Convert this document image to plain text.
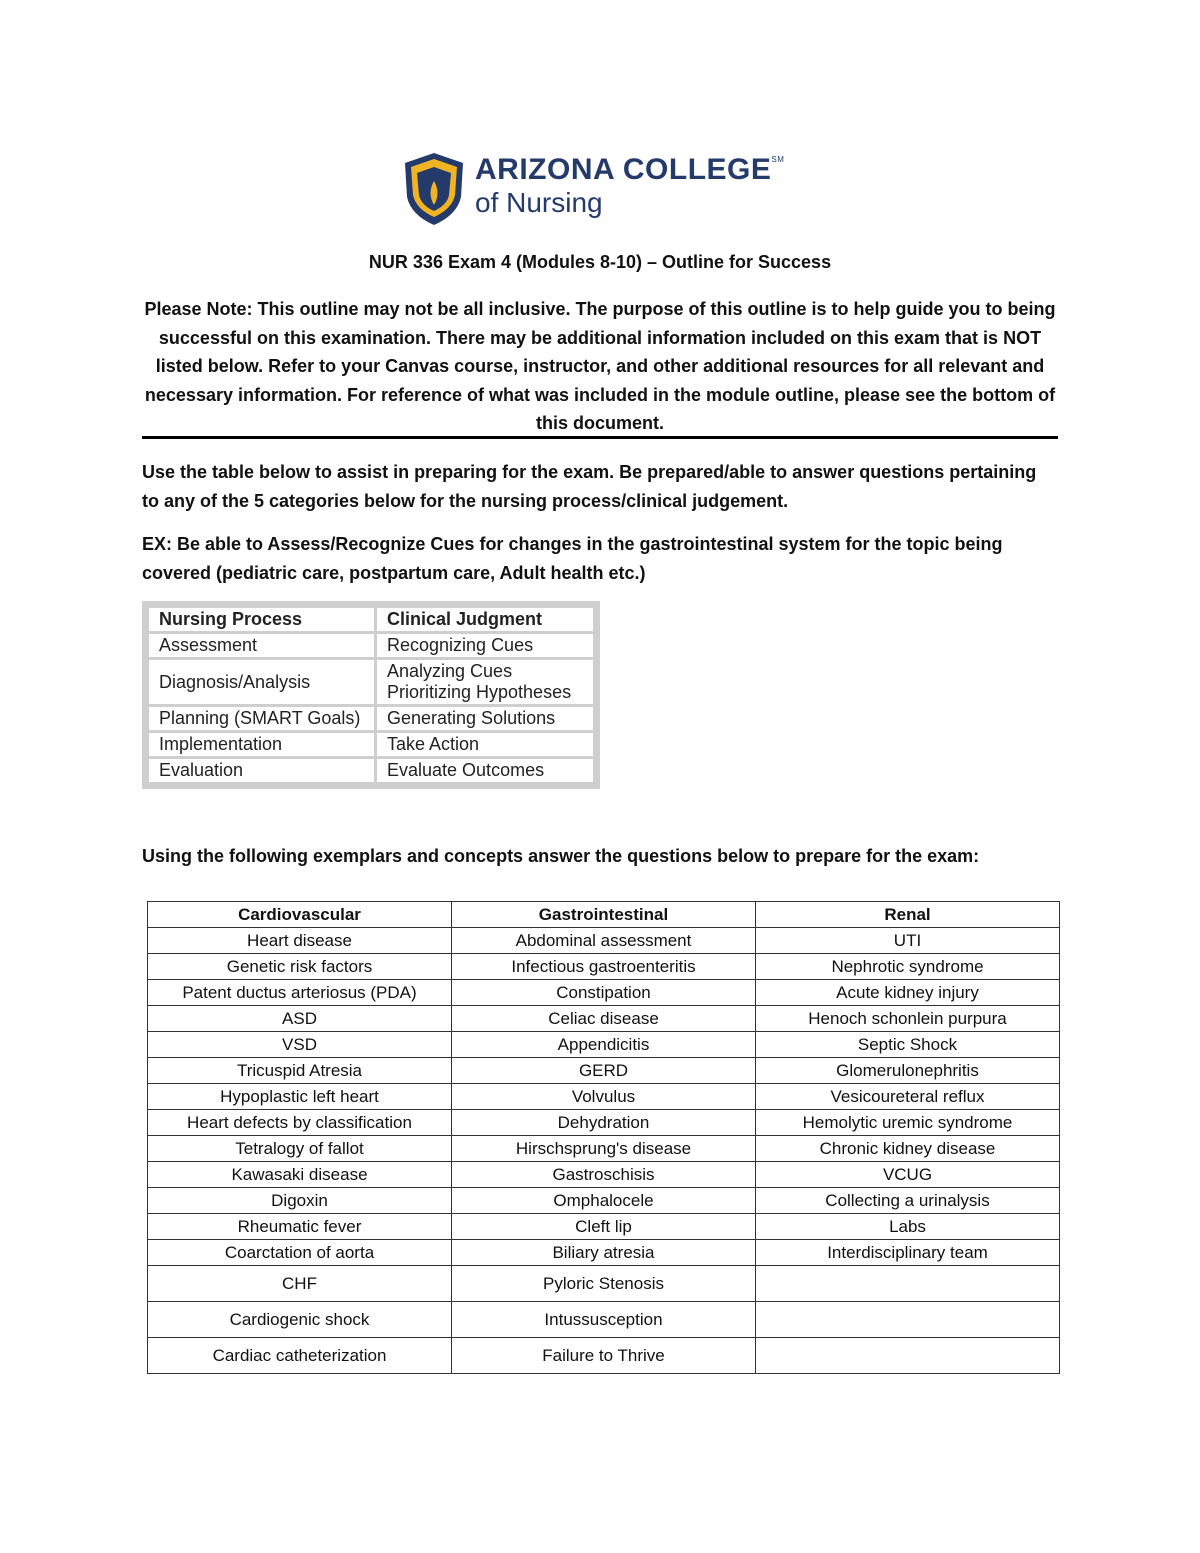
ARIZONA COLLEGE℠
of Nursing
NUR 336 Exam 4 (Modules 8-10) – Outline for Success
Please Note: This outline may not be all inclusive. The purpose of this outline is to help guide you to being successful on this examination. There may be additional information included on this exam that is NOT listed below. Refer to your Canvas course, instructor, and other additional resources for all relevant and necessary information. For reference of what was included in the module outline, please see the bottom of this document.
Use the table below to assist in preparing for the exam. Be prepared/able to answer questions pertaining to any of the 5 categories below for the nursing process/clinical judgement.
EX: Be able to Assess/Recognize Cues for changes in the gastrointestinal system for the topic being covered (pediatric care, postpartum care, Adult health etc.)
Nursing Process	Clinical Judgment
Assessment	Recognizing Cues
Diagnosis/Analysis	Analyzing Cues
Prioritizing Hypotheses

Planning (SMART Goals)	Generating Solutions
Implementation	Take Action
Evaluation	Evaluate Outcomes
Using the following exemplars and concepts answer the questions below to prepare for the exam:
Cardiovascular	Gastrointestinal	Renal
Heart disease	Abdominal assessment	UTI
Genetic risk factors	Infectious gastroenteritis	Nephrotic syndrome
Patent ductus arteriosus (PDA)	Constipation	Acute kidney injury
ASD	Celiac disease	Henoch schonlein purpura
VSD	Appendicitis	Septic Shock
Tricuspid Atresia	GERD	Glomerulonephritis
Hypoplastic left heart	Volvulus	Vesicoureteral reflux
Heart defects by classification	Dehydration	Hemolytic uremic syndrome
Tetralogy of fallot	Hirschsprung's disease	Chronic kidney disease
Kawasaki disease	Gastroschisis	VCUG
Digoxin	Omphalocele	Collecting a urinalysis
Rheumatic fever	Cleft lip	Labs
Coarctation of aorta	Biliary atresia	Interdisciplinary team
CHF	Pyloric Stenosis	
Cardiogenic shock	Intussusception	
Cardiac catheterization	Failure to Thrive	
